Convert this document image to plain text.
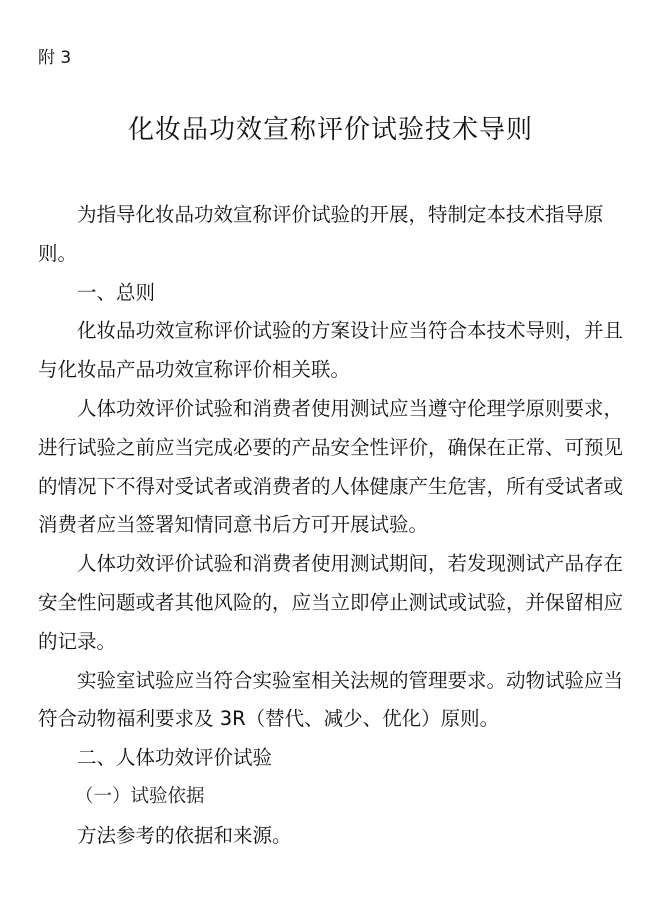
附 3
化妆品功效宣称评价试验技术导则

为指导化妆品功效宣称评价试验的开展，特制定本技术指导原则。

一、总则

化妆品功效宣称评价试验的方案设计应当符合本技术导则，并且与化妆品产品功效宣称评价相关联。

人体功效评价试验和消费者使用测试应当遵守伦理学原则要求，进行试验之前应当完成必要的产品安全性评价，确保在正常、可预见的情况下不得对受试者或消费者的人体健康产生危害，所有受试者或消费者应当签署知情同意书后方可开展试验。

人体功效评价试验和消费者使用测试期间，若发现测试产品存在安全性问题或者其他风险的，应当立即停止测试或试验，并保留相应的记录。

实验室试验应当符合实验室相关法规的管理要求。动物试验应当符合动物福利要求及 3R（替代、减少、优化）原则。

二、人体功效评价试验

（一）试验依据

方法参考的依据和来源。
